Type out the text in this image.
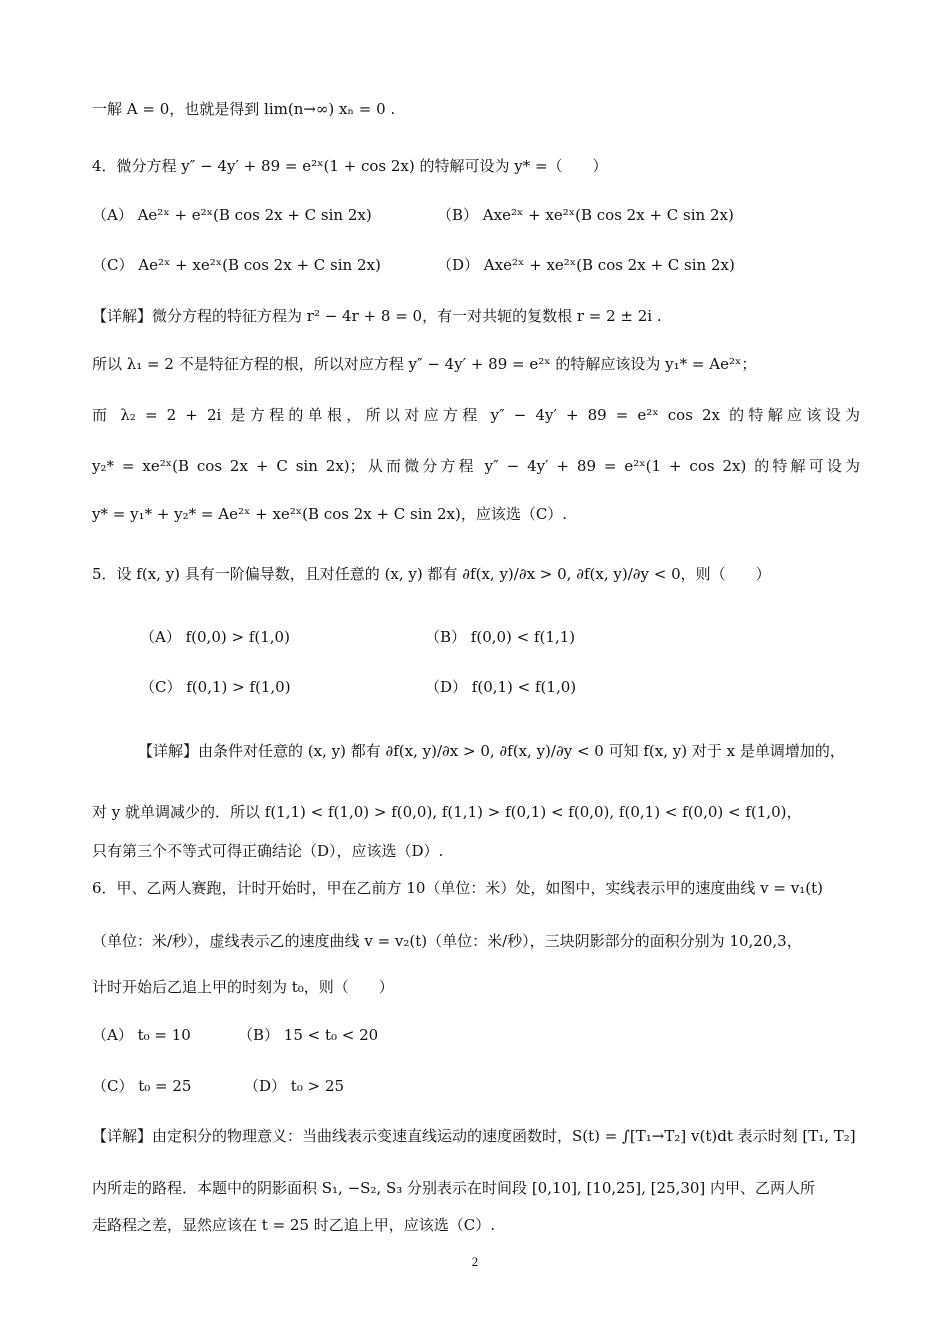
一解 A = 0，也就是得到 lim(n→∞) xₙ = 0 .
4．微分方程 y″ − 4y′ + 89 = e²ˣ(1 + cos 2x) 的特解可设为 y* =（　　）
（A） Ae²ˣ + e²ˣ(B cos 2x + C sin 2x)	（B） Axe²ˣ + xe²ˣ(B cos 2x + C sin 2x)
（C） Ae²ˣ + xe²ˣ(B cos 2x + C sin 2x)	（D） Axe²ˣ + xe²ˣ(B cos 2x + C sin 2x)
【详解】微分方程的特征方程为 r² − 4r + 8 = 0，有一对共轭的复数根 r = 2 ± 2i .
所以 λ₁ = 2 不是特征方程的根，所以对应方程 y″ − 4y′ + 89 = e²ˣ 的特解应该设为 y₁* = Ae²ˣ；
而 λ₂ = 2 + 2i 是方程的单根，所以对应方程 y″ − 4y′ + 89 = e²ˣ cos 2x 的特解应该设为
y₂* = xe²ˣ(B cos 2x + C sin 2x)；从而微分方程 y″ − 4y′ + 89 = e²ˣ(1 + cos 2x) 的特解可设为
y* = y₁* + y₂* = Ae²ˣ + xe²ˣ(B cos 2x + C sin 2x)，应该选（C）.
5．设 f(x, y) 具有一阶偏导数，且对任意的 (x, y) 都有 ∂f(x, y)/∂x > 0, ∂f(x, y)/∂y < 0，则（　　）
（A） f(0,0) > f(1,0)	（B） f(0,0) < f(1,1)
（C） f(0,1) > f(1,0)	（D） f(0,1) < f(1,0)
【详解】由条件对任意的 (x, y) 都有 ∂f(x, y)/∂x > 0, ∂f(x, y)/∂y < 0 可知 f(x, y) 对于 x 是单调增加的，
对 y 就单调减少的．所以 f(1,1) < f(1,0) > f(0,0), f(1,1) > f(0,1) < f(0,0), f(0,1) < f(0,0) < f(1,0)，
只有第三个不等式可得正确结论（D），应该选（D）.
6．甲、乙两人赛跑，计时开始时，甲在乙前方 10（单位：米）处，如图中，实线表示甲的速度曲线 v = v₁(t)
（单位：米/秒），虚线表示乙的速度曲线 v = v₂(t)（单位：米/秒），三块阴影部分的面积分别为 10,20,3，
计时开始后乙追上甲的时刻为 t₀，则（　　）
（A） t₀ = 10	（B） 15 < t₀ < 20
（C） t₀ = 25	（D） t₀ > 25
【详解】由定积分的物理意义：当曲线表示变速直线运动的速度函数时，S(t) = ∫[T₁→T₂] v(t)dt 表示时刻 [T₁, T₂]
内所走的路程．本题中的阴影面积 S₁, −S₂, S₃ 分别表示在时间段 [0,10], [10,25], [25,30] 内甲、乙两人所
走路程之差，显然应该在 t = 25 时乙追上甲，应该选（C）.
2
